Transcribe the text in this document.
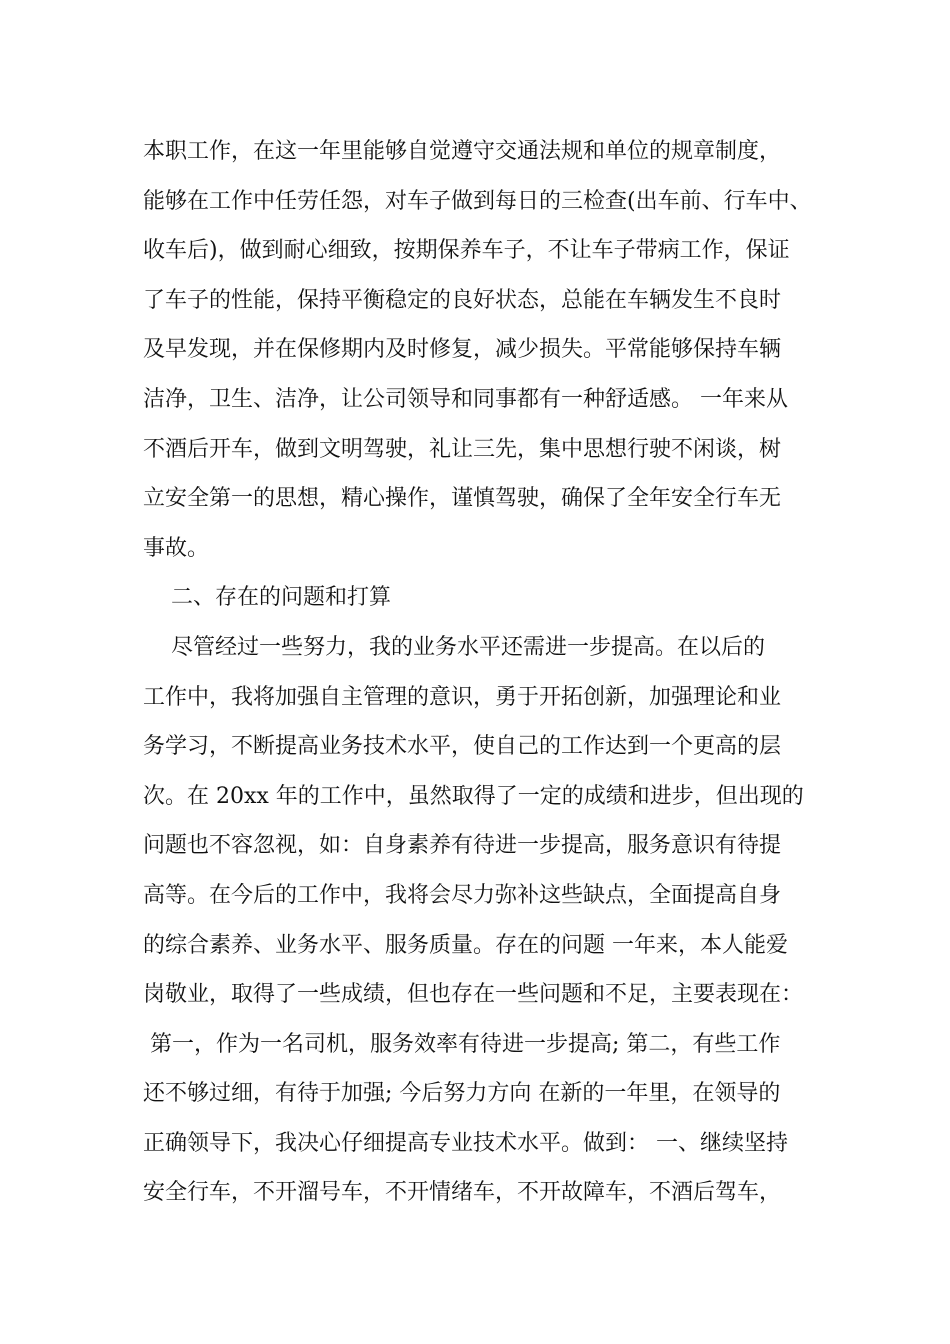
本职工作，在这一年里能够自觉遵守交通法规和单位的规章制度，
能够在工作中任劳任怨，对车子做到每日的三检查(出车前、行车中、
收车后)，做到耐心细致，按期保养车子，不让车子带病工作，保证
了车子的性能，保持平衡稳定的良好状态，总能在车辆发生不良时
及早发现，并在保修期内及时修复，减少损失。平常能够保持车辆
洁净，卫生、洁净，让公司领导和同事都有一种舒适感。 一年来从
不酒后开车，做到文明驾驶，礼让三先，集中思想行驶不闲谈，树
立安全第一的思想，精心操作，谨慎驾驶，确保了全年安全行车无
事故。
二、存在的问题和打算
尽管经过一些努力，我的业务水平还需进一步提高。在以后的
工作中，我将加强自主管理的意识，勇于开拓创新，加强理论和业
务学习，不断提高业务技术水平，使自己的工作达到一个更高的层
次。在 20xx 年的工作中，虽然取得了一定的成绩和进步，但出现的
问题也不容忽视，如：自身素养有待进一步提高，服务意识有待提
高等。在今后的工作中，我将会尽力弥补这些缺点，全面提高自身
的综合素养、业务水平、服务质量。存在的问题 一年来，本人能爱
岗敬业，取得了一些成绩，但也存在一些问题和不足，主要表现在：
第一，作为一名司机，服务效率有待进一步提高; 第二，有些工作
还不够过细，有待于加强; 今后努力方向 在新的一年里，在领导的
正确领导下，我决心仔细提高专业技术水平。做到： 一、继续坚持
安全行车，不开溜号车，不开情绪车，不开故障车，不酒后驾车，
